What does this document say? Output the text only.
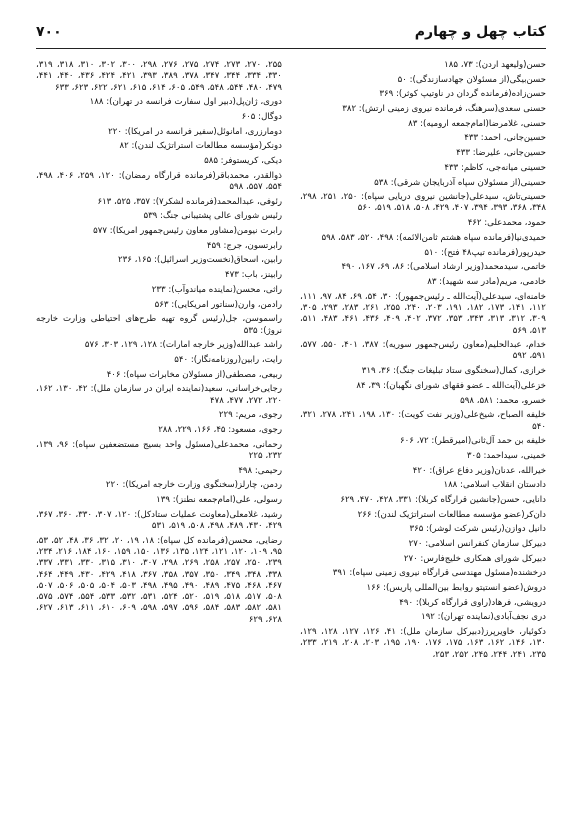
۷۰۰	کتاب چهل و چهارم

حسن(ولیعهد اردن): ۷۳، ۱۸۵

حسن‌بیگی(از مسئولان جهادسازندگی): ۵۰

حسن‌زاده(فرمانده گردان در ناوتیپ کوثر): ۳۶۹

حسنی سعدی(سرهنگ، فرمانده نیروی زمینی ارتش): ۳۸۲

حسنی، غلامرضا(امام‌جمعه ارومیه): ۸۳

حسین‌جانی، احمد: ۴۳۳

حسین‌جانی، علیرضا: ۴۳۳

حسینی میانه‌جی، کاظم: ۴۳۳

حسینی(از مسئولان سپاه آذربایجان شرقی): ۵۳۸

حسینی‌تاش، سیدعلی(جانشین نیروی دریایی سپاه): ۲۵۰، ۲۵۱، ۲۹۸، ۳۴۸، ۳۶۸، ۳۹۳، ۳۹۴، ۴۰۷، ۴۲۹، ۵۰۸، ۵۱۸، ۵۱۹، ۵۶۰

حمود، محمدعلی: ۴۶۲

حمیدی‌نیا(فرمانده سپاه هشتم ثامن‌الائمه): ۴۹۸، ۵۲۰، ۵۸۳، ۵۹۸

حیدرپور(فرمانده تیپ۴۸ فتح): ۵۱۰

خاتمی، سیدمحمد(وزیر ارشاد اسلامی): ۸۶، ۶۹، ۱۶۷، ۴۹۰

خادمی، مریم(مادر سه شهید): ۸۳

خامنه‌ای، سیدعلی(آیت‌الله ـ رئیس‌جمهور): ۳۰، ۵۴، ۶۹، ۸۴، ۹۷، ۱۱۱، ۱۱۲، ۱۴۱، ۱۷۳، ۱۸۲، ۱۹۱، ۲۰۳، ۲۴۰، ۲۵۵، ۲۶۱، ۲۸۳، ۲۹۳، ۳۰۵، ۳۰۹، ۳۱۲، ۳۱۳، ۳۴۳، ۳۵۳، ۳۷۲، ۴۰۲، ۴۰۹، ۴۳۶، ۴۶۱، ۴۸۳، ۵۱۱، ۵۱۳، ۵۶۹

خدام، عبدالحلیم(معاون رئیس‌جمهور سوریه): ۳۸۷، ۴۰۱، ۵۵۰، ۵۷۷، ۵۹۱، ۵۹۲

خرازی، کمال(سخنگوی ستاد تبلیغات جنگ): ۳۶، ۳۱۹

خزعلی(آیت‌الله ـ عضو فقهای شورای نگهبان): ۳۹، ۸۴

خسرو، محمد: ۵۸۱، ۵۹۸

خلیفه الصباح، شیخ‌علی(وزیر نفت کویت): ۱۳۰، ۱۹۸، ۲۴۱، ۲۷۸، ۳۲۱، ۵۴۰

خلیفه بن حمد آل‌ثانی(امیرقطر): ۷۲، ۶۰۶

خمینی، سیداحمد: ۳۰۵

خیرالله، عدنان(وزیر دفاع عراق): ۴۲۰

دادستان انقلاب اسلامی: ۱۸۸

دانایی، حسن(جانشین قرارگاه کربلا): ۳۳۱، ۴۲۸، ۴۷۰، ۶۲۹

دان‌کر(عضو مؤسسه مطالعات استراتژیک لندن): ۲۶۶

دانیل دوازن(رئیس شرکت لوشر): ۳۶۵

دبیرکل سازمان کنفرانس اسلامی: ۲۷۰

دبیرکل شورای همکاری خلیج‌فارس: ۲۷۰

درخشنده(مسئول مهندسی قرارگاه نیروی زمینی سپاه): ۳۹۱

دروش(عضو انستیتو روابط بین‌المللی پاریس): ۱۶۶

درویشی، فرهاد(راوی قرارگاه کربلا): ۴۹۰

دری نجف‌آبادی(نماینده تهران): ۱۹۲

دکوئیار، خاویرپرز(دبیرکل سازمان ملل): ۴۱، ۱۲۶، ۱۲۷، ۱۲۸، ۱۲۹، ۱۳۰، ۱۴۶، ۱۶۲، ۱۶۳، ۱۷۵، ۱۷۶، ۱۹۰، ۱۹۵، ۲۰۳، ۲۰۸، ۲۱۹، ۲۳۳، ۲۳۵، ۲۴۱، ۲۴۴، ۲۴۵، ۲۵۲، ۲۵۳،

۲۵۵، ۲۷۰، ۲۷۳، ۲۷۴، ۲۷۵، ۲۷۶، ۲۹۸، ۳۰۰، ۳۰۲، ۳۱۰، ۳۱۸، ۳۱۹، ۳۳۰، ۳۳۴، ۳۴۴، ۳۴۷، ۳۷۸، ۳۸۹، ۳۹۳، ۴۲۱، ۴۲۴، ۴۳۶، ۴۴۰، ۴۴۱، ۴۷۹، ۴۸۰، ۵۴۴، ۵۴۸، ۵۴۹، ۶۰۵، ۶۱۴، ۶۱۵، ۶۲۱، ۶۲۲، ۶۲۳، ۶۳۳

دوری، ژان‌پل(دبیر اول سفارت فرانسه در تهران): ۱۸۸

دوگال: ۶۰۵

دومارزری، امانوئل(سفیر فرانسه در امریکا): ۲۲۰

دونکر(مؤسسه مطالعات استراتژیک لندن): ۸۲

دیکی، کریستوفر: ۵۸۵

ذوالقدر، محمدباقر(فرمانده قرارگاه رمضان): ۱۲۰، ۲۵۹، ۴۰۶، ۴۹۸، ۵۵۴، ۵۵۷، ۵۹۸

رئوفی، عبدالمحمد(فرمانده لشکر۷): ۳۵۷، ۵۲۵، ۶۱۳

رئیس شورای عالی پشتیبانی جنگ: ۵۳۹

رابرت نیومن(مشاور معاون رئیس‌جمهور امریکا): ۵۷۷

رابرتسون، جرج: ۴۵۹

رابین، اسحاق(نخست‌وزیر اسرائیل): ۱۶۵، ۲۳۶

رابینز، باب: ۴۷۳

راثی، محسن(نماینده میاندوآب): ۲۳۳

رادمن، وارن(سناتور امریکایی): ۵۶۳

راسموسن، جل(رئیس گروه تهیه طرح‌های احتیاطی وزارت خارجه نروژ): ۵۳۵

راشد عبدالله(وزیر خارجه امارات): ۱۲۸، ۱۲۹، ۳۰۳، ۵۷۶

رایت، رابین(روزنامه‌نگار): ۵۴۰

ربیعی، مصطفی(از مسئولان مخابرات سپاه): ۴۰۶

رجایی‌خراسانی، سعید(نماینده ایران در سازمان ملل): ۴۲، ۱۳۰، ۱۶۲، ۲۲۰، ۲۷۲، ۴۷۷، ۴۷۸

رجوی، مریم: ۲۲۹

رجوی، مسعود: ۴۵، ۱۶۶، ۲۲۹، ۲۸۸

رحمانی، محمدعلی(مسئول واحد بسیج مستضعفین سپاه): ۹۶، ۱۳۹، ۲۳۲، ۲۲۵

رحیمی: ۴۹۸

ردمن، چارلز(سخنگوی وزارت خارجه امریکا): ۲۲۰

رسولی، علی(امام‌جمعه نطنز): ۱۳۹

رشید، غلامعلی(معاونت عملیات ستادکل): ۱۲۰، ۳۰۷، ۳۳۰، ۳۶۰، ۳۶۷، ۴۲۹، ۴۳۰، ۴۸۹، ۴۹۸، ۵۰۸، ۵۱۹، ۵۳۱

رضایی، محسن(فرمانده کل سپاه): ۱۸، ۱۹، ۲۰، ۳۲، ۳۶، ۴۸، ۵۲، ۵۳، ۹۵، ۱۰۹، ۱۲۰، ۱۲۱، ۱۲۴، ۱۳۵، ۱۳۶، ۱۵۰، ۱۵۹، ۱۶۰، ۱۸۴، ۲۱۶، ۲۳۴، ۲۳۹، ۲۵۰، ۲۵۷، ۲۵۸، ۲۶۹، ۲۹۸، ۳۰۷، ۳۱۰، ۳۱۵، ۳۳۰، ۳۳۱، ۳۳۷، ۳۳۸، ۳۴۸، ۳۴۹، ۳۵۰، ۳۵۷، ۳۵۸، ۳۶۷، ۴۱۸، ۴۲۹، ۴۳۰، ۴۴۹، ۴۶۴، ۴۶۷، ۴۶۸، ۴۷۵، ۴۸۹، ۴۹۰، ۴۹۵، ۴۹۸، ۵۰۳، ۵۰۴، ۵۰۵، ۵۰۶، ۵۰۷، ۵۰۸، ۵۱۷، ۵۱۸، ۵۱۹، ۵۲۰، ۵۲۴، ۵۳۱، ۵۳۲، ۵۳۳، ۵۵۴، ۵۷۴، ۵۷۵، ۵۸۱، ۵۸۲، ۵۸۳، ۵۸۴، ۵۹۶، ۵۹۷، ۵۹۸، ۶۰۹، ۶۱۰، ۶۱۱، ۶۱۳، ۶۲۷، ۶۲۸، ۶۲۹
